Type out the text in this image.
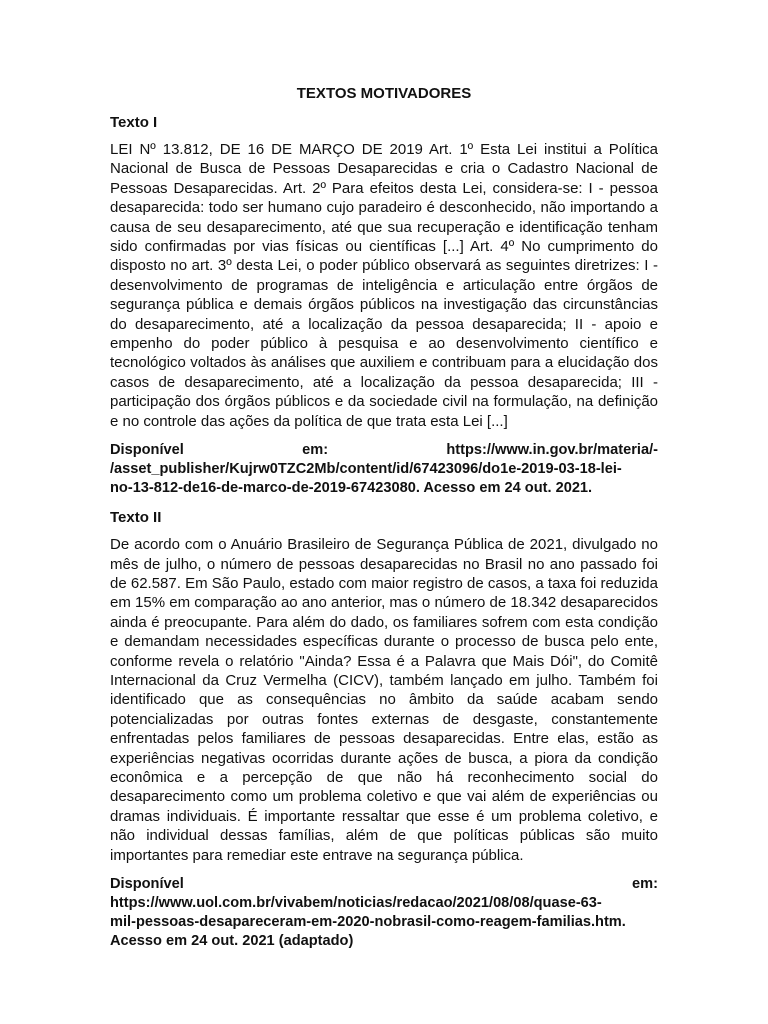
TEXTOS MOTIVADORES
Texto I
LEI Nº 13.812, DE 16 DE MARÇO DE 2019 Art. 1º Esta Lei institui a Política Nacional de Busca de Pessoas Desaparecidas e cria o Cadastro Nacional de Pessoas Desaparecidas. Art. 2º Para efeitos desta Lei, considera-se: I - pessoa desaparecida: todo ser humano cujo paradeiro é desconhecido, não importando a causa de seu desaparecimento, até que sua recuperação e identificação tenham sido confirmadas por vias físicas ou científicas [...] Art. 4º No cumprimento do disposto no art. 3º desta Lei, o poder público observará as seguintes diretrizes: I - desenvolvimento de programas de inteligência e articulação entre órgãos de segurança pública e demais órgãos públicos na investigação das circunstâncias do desaparecimento, até a localização da pessoa desaparecida; II - apoio e empenho do poder público à pesquisa e ao desenvolvimento científico e tecnológico voltados às análises que auxiliem e contribuam para a elucidação dos casos de desaparecimento, até a localização da pessoa desaparecida; III - participação dos órgãos públicos e da sociedade civil na formulação, na definição e no controle das ações da política de que trata esta Lei [...]
Disponível	em:	https://www.in.gov.br/materia/-
/asset_publisher/Kujrw0TZC2Mb/content/id/67423096/do1e-2019-03-18-lei-
no-13-812-de16-de-marco-de-2019-67423080. Acesso em 24 out. 2021.
Texto II
De acordo com o Anuário Brasileiro de Segurança Pública de 2021, divulgado no mês de julho, o número de pessoas desaparecidas no Brasil no ano passado foi de 62.587. Em São Paulo, estado com maior registro de casos, a taxa foi reduzida em 15% em comparação ao ano anterior, mas o número de 18.342 desaparecidos ainda é preocupante. Para além do dado, os familiares sofrem com esta condição e demandam necessidades específicas durante o processo de busca pelo ente, conforme revela o relatório "Ainda? Essa é a Palavra que Mais Dói", do Comitê Internacional da Cruz Vermelha (CICV), também lançado em julho. Também foi identificado que as consequências no âmbito da saúde acabam sendo potencializadas por outras fontes externas de desgaste, constantemente enfrentadas pelos familiares de pessoas desaparecidas. Entre elas, estão as experiências negativas ocorridas durante ações de busca, a piora da condição econômica e a percepção de que não há reconhecimento social do desaparecimento como um problema coletivo e que vai além de experiências ou dramas individuais. É importante ressaltar que esse é um problema coletivo, e não individual dessas famílias, além de que políticas públicas são muito importantes para remediar este entrave na segurança pública.
Disponível	em:
https://www.uol.com.br/vivabem/noticias/redacao/2021/08/08/quase-63-
mil-pessoas-desapareceram-em-2020-nobrasil-como-reagem-familias.htm.
Acesso em 24 out. 2021 (adaptado)
